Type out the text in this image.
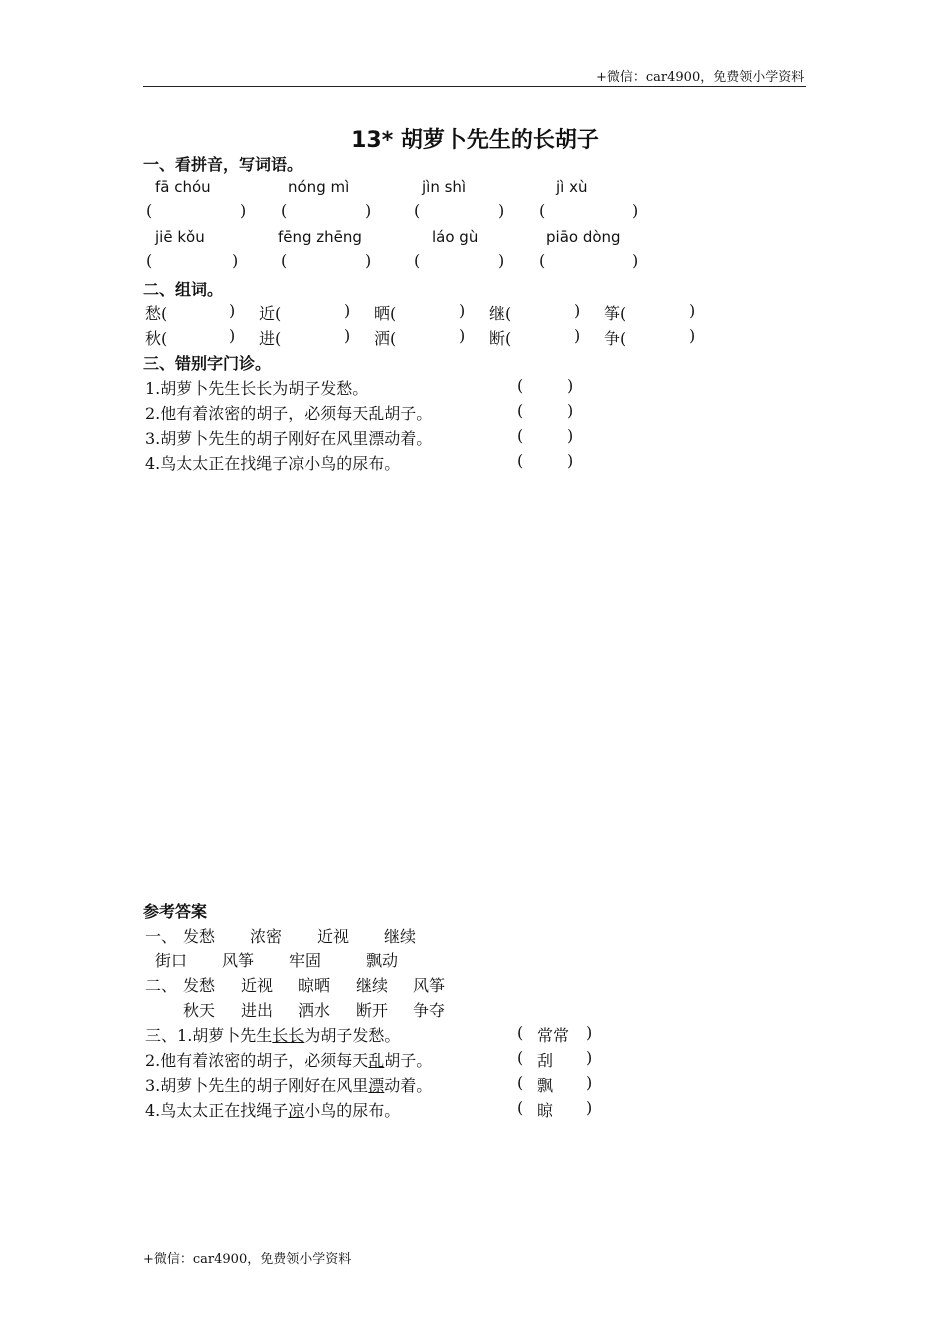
+微信：car4900，免费领小学资料
13* 胡萝卜先生的长胡子
一、看拼音，写词语。
fā chóu	nóng mì	jìn shì	jì xù
(	) (	)	(	) (	)
jiē kǒu	fēng zhēng	láo gù	piāo dòng
(	)	(	)	(	) (	)
二、组词。
愁(	) 近(	) 晒(	) 继(	) 筝(	)
秋(	) 进(	) 洒(	) 断(	) 争(	)
三、错别字门诊。
1.胡萝卜先生长长为胡子发愁。	(	)
2.他有着浓密的胡子，必须每天乱胡子。	(	)
3.胡萝卜先生的胡子刚好在风里漂动着。	(	)
4.鸟太太正在找绳子凉小鸟的尿布。	(	)
参考答案
一、 发愁 浓密 近视 继续
街口 风筝 牢固	飘动
二、 发愁 近视 晾晒 继续 风筝
秋天 进出 洒水 断开 争夺
三、1.胡萝卜先生长长为胡子发愁。	( 常常 )
2.他有着浓密的胡子，必须每天乱胡子。	( 刮 )
3.胡萝卜先生的胡子刚好在风里漂动着。	( 飘 )
4.鸟太太正在找绳子凉小鸟的尿布。	( 晾 )
+微信：car4900，免费领小学资料
